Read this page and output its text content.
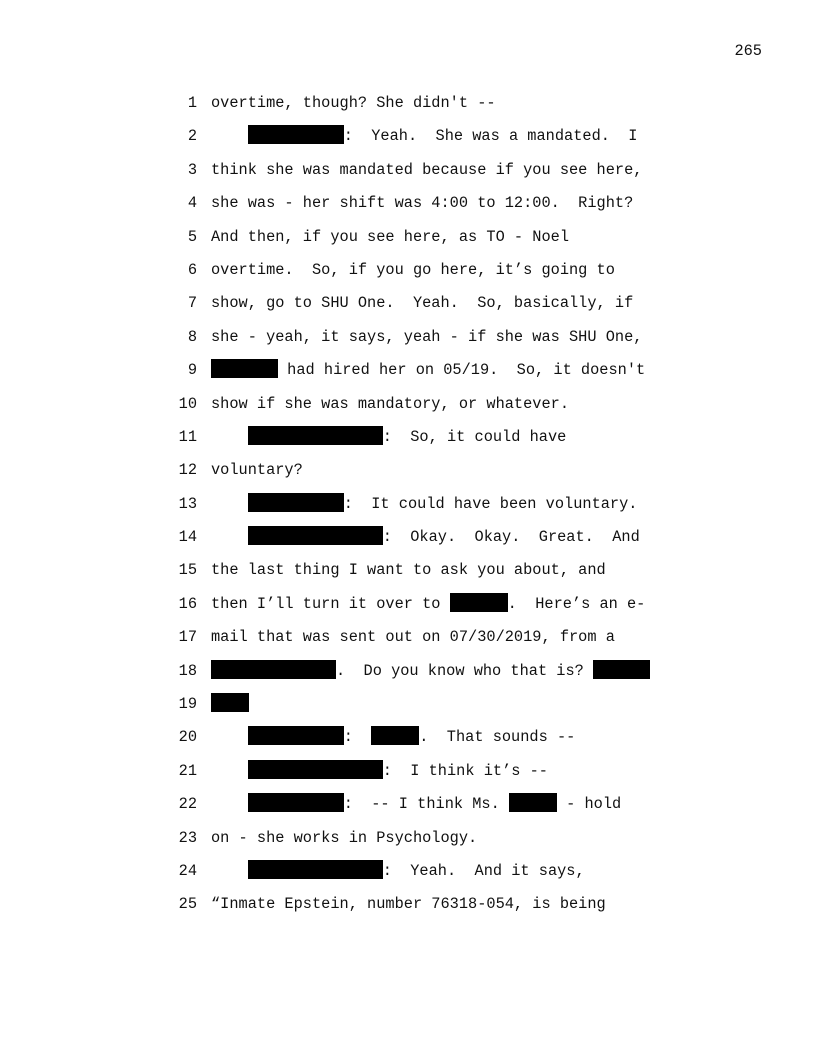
265
1 overtime, though? She didn't --
2	:  Yeah.  She was a mandated.  I
3 think she was mandated because if you see here,
4 she was - her shift was 4:00 to 12:00.  Right?
5 And then, if you see here, as TO - Noel
6 overtime.  So, if you go here, it’s going to
7 show, go to SHU One.  Yeah.  So, basically, if
8 she - yeah, it says, yeah - if she was SHU One,
9	had hired her on 05/19.  So, it doesn't
10 show if she was mandatory, or whatever.
11	:  So, it could have
12 voluntary?
13	:  It could have been voluntary.
14	:  Okay.  Okay.  Great.  And
15 the last thing I want to ask you about, and
16 then I’ll turn it over to	.  Here’s an e-
17 mail that was sent out on 07/30/2019, from a
18	.  Do you know who that is?
19
20	:	.  That sounds --
21	:  I think it’s --
22	:  -- I think Ms.	- hold
23 on - she works in Psychology.
24	:  Yeah.  And it says,
25 “Inmate Epstein, number 76318-054, is being
